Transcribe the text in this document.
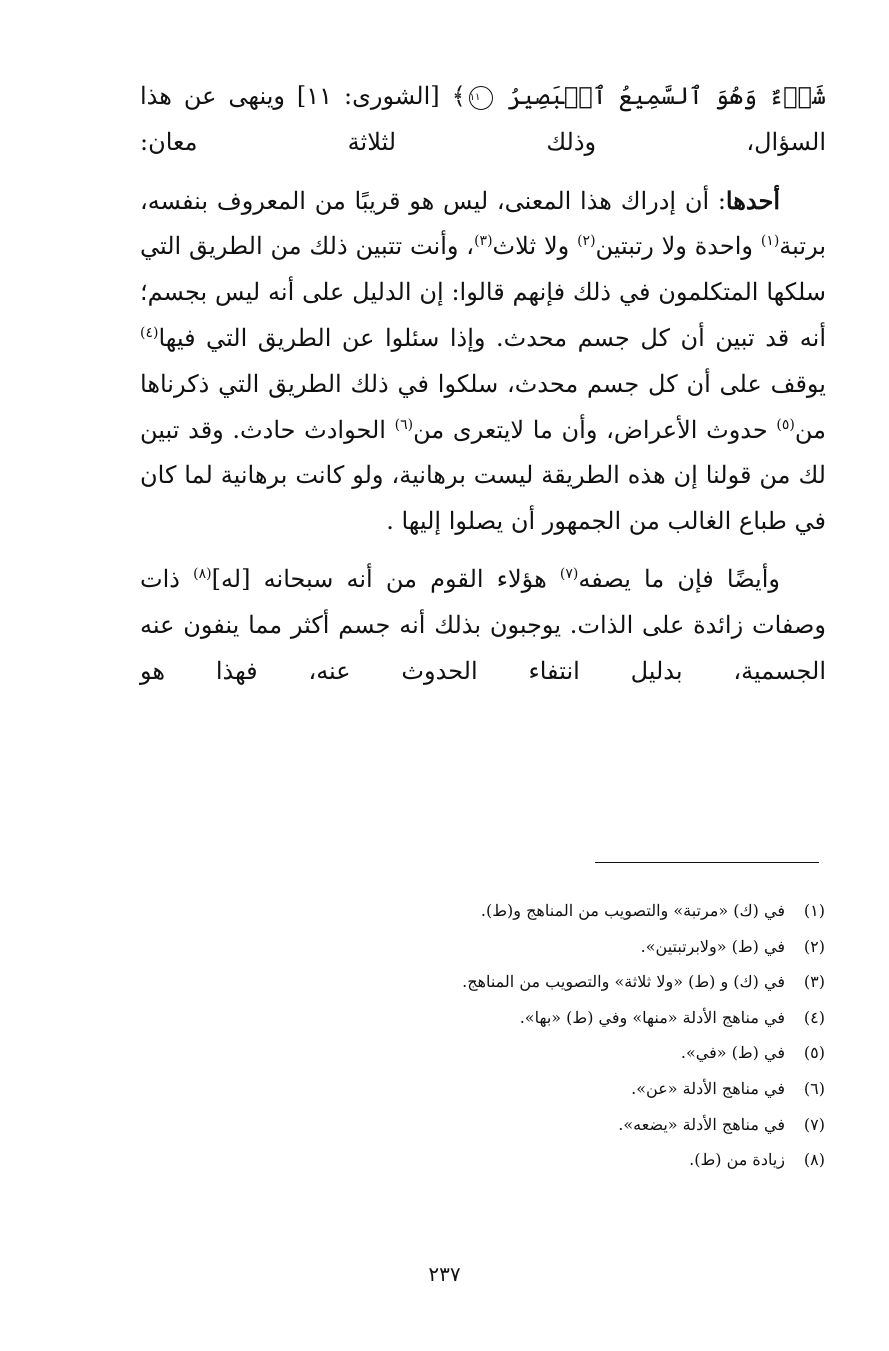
شَىۡءٌ وَهُوَ ٱلسَّمِيعُ ٱلۡبَصِيرُ ١١﴾ [الشورى: ١١] وينهى عن هذا السؤال، وذلك لثلاثة معان:

أحدها: أن إدراك هذا المعنى، ليس هو قريبًا من المعروف بنفسه، برتبة$^{(١)}$ واحدة ولا رتبتين$^{(٢)}$ ولا ثلاث$^{(٣)}$، وأنت تتبين ذلك من الطريق التي سلكها المتكلمون في ذلك فإنهم قالوا: إن الدليل على أنه ليس بجسم؛ أنه قد تبين أن كل جسم محدث. وإذا سئلوا عن الطريق التي فيها$^{(٤)}$ يوقف على أن كل جسم محدث، سلكوا في ذلك الطريق التي ذكرناها من$^{(٥)}$ حدوث الأعراض، وأن ما لايتعرى من$^{(٦)}$ الحوادث حادث. وقد تبين لك من قولنا إن هذه الطريقة ليست برهانية، ولو كانت برهانية لما كان في طباع الغالب من الجمهور أن يصلوا إليها .

وأيضًا فإن ما يصفه$^{(٧)}$ هؤلاء القوم من أنه سبحانه [له]$^{(٨)}$ ذات وصفات زائدة على الذات. يوجبون بذلك أنه جسم أكثر مما ينفون عنه الجسمية، بدليل انتفاء الحدوث عنه، فهذا هو

(١)في (ك) «مرتبة» والتصويب من المناهج و(ط).
(٢)في (ط) «ولابرتبتين».
(٣)في (ك) و (ط) «ولا ثلاثة» والتصويب من المناهج.
(٤)في مناهج الأدلة «منها» وفي (ط) «بها».
(٥)في (ط) «في».
(٦)في مناهج الأدلة «عن».
(٧)في مناهج الأدلة «يضعه».
(٨)زيادة من (ط).
٢٣٧
